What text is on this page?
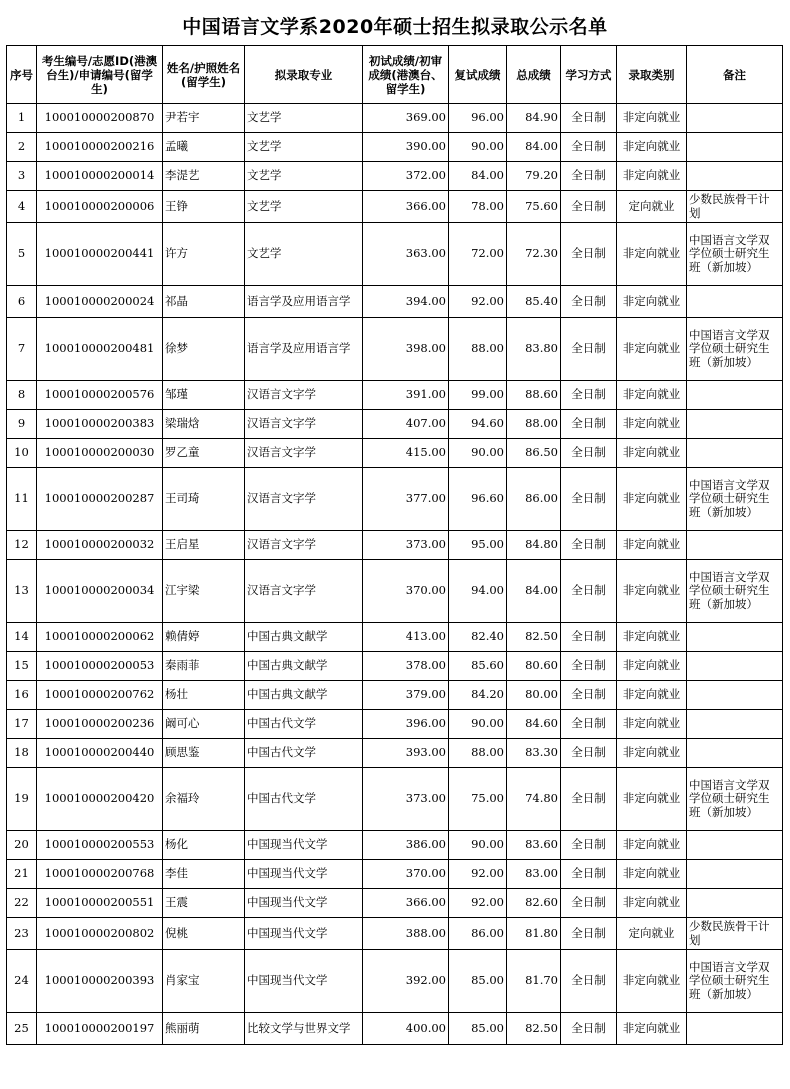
中国语言文学系2020年硕士招生拟录取公示名单
序号	考生编号/志愿ID(港澳台生)/申请编号(留学生)	姓名/护照姓名(留学生)	拟录取专业	初试成绩/初审成绩(港澳台、留学生)	复试成绩	总成绩	学习方式	录取类别	备注
1	100010000200870	尹若宇	文艺学	369.00	96.00	84.90	全日制	非定向就业	
2	100010000200216	孟曦	文艺学	390.00	90.00	84.00	全日制	非定向就业	
3	100010000200014	李湜艺	文艺学	372.00	84.00	79.20	全日制	非定向就业	
4	100010000200006	王铮	文艺学	366.00	78.00	75.60	全日制	定向就业	少数民族骨干计划
5	100010000200441	许方	文艺学	363.00	72.00	72.30	全日制	非定向就业	中国语言文学双学位硕士研究生班（新加坡）
6	100010000200024	祁晶	语言学及应用语言学	394.00	92.00	85.40	全日制	非定向就业	
7	100010000200481	徐梦	语言学及应用语言学	398.00	88.00	83.80	全日制	非定向就业	中国语言文学双学位硕士研究生班（新加坡）
8	100010000200576	邹瑾	汉语言文字学	391.00	99.00	88.60	全日制	非定向就业	
9	100010000200383	梁瑞焓	汉语言文字学	407.00	94.60	88.00	全日制	非定向就业	
10	100010000200030	罗乙童	汉语言文字学	415.00	90.00	86.50	全日制	非定向就业	
11	100010000200287	王司琦	汉语言文字学	377.00	96.60	86.00	全日制	非定向就业	中国语言文学双学位硕士研究生班（新加坡）
12	100010000200032	王启星	汉语言文字学	373.00	95.00	84.80	全日制	非定向就业	
13	100010000200034	江宇梁	汉语言文字学	370.00	94.00	84.00	全日制	非定向就业	中国语言文学双学位硕士研究生班（新加坡）
14	100010000200062	赖倩婷	中国古典文献学	413.00	82.40	82.50	全日制	非定向就业	
15	100010000200053	秦雨菲	中国古典文献学	378.00	85.60	80.60	全日制	非定向就业	
16	100010000200762	杨壮	中国古典文献学	379.00	84.20	80.00	全日制	非定向就业	
17	100010000200236	阚可心	中国古代文学	396.00	90.00	84.60	全日制	非定向就业	
18	100010000200440	顾思鉴	中国古代文学	393.00	88.00	83.30	全日制	非定向就业	
19	100010000200420	余福玲	中国古代文学	373.00	75.00	74.80	全日制	非定向就业	中国语言文学双学位硕士研究生班（新加坡）
20	100010000200553	杨化	中国现当代文学	386.00	90.00	83.60	全日制	非定向就业	
21	100010000200768	李佳	中国现当代文学	370.00	92.00	83.00	全日制	非定向就业	
22	100010000200551	王震	中国现当代文学	366.00	92.00	82.60	全日制	非定向就业	
23	100010000200802	倪桃	中国现当代文学	388.00	86.00	81.80	全日制	定向就业	少数民族骨干计划
24	100010000200393	肖家宝	中国现当代文学	392.00	85.00	81.70	全日制	非定向就业	中国语言文学双学位硕士研究生班（新加坡）
25	100010000200197	熊丽萌	比较文学与世界文学	400.00	85.00	82.50	全日制	非定向就业	
